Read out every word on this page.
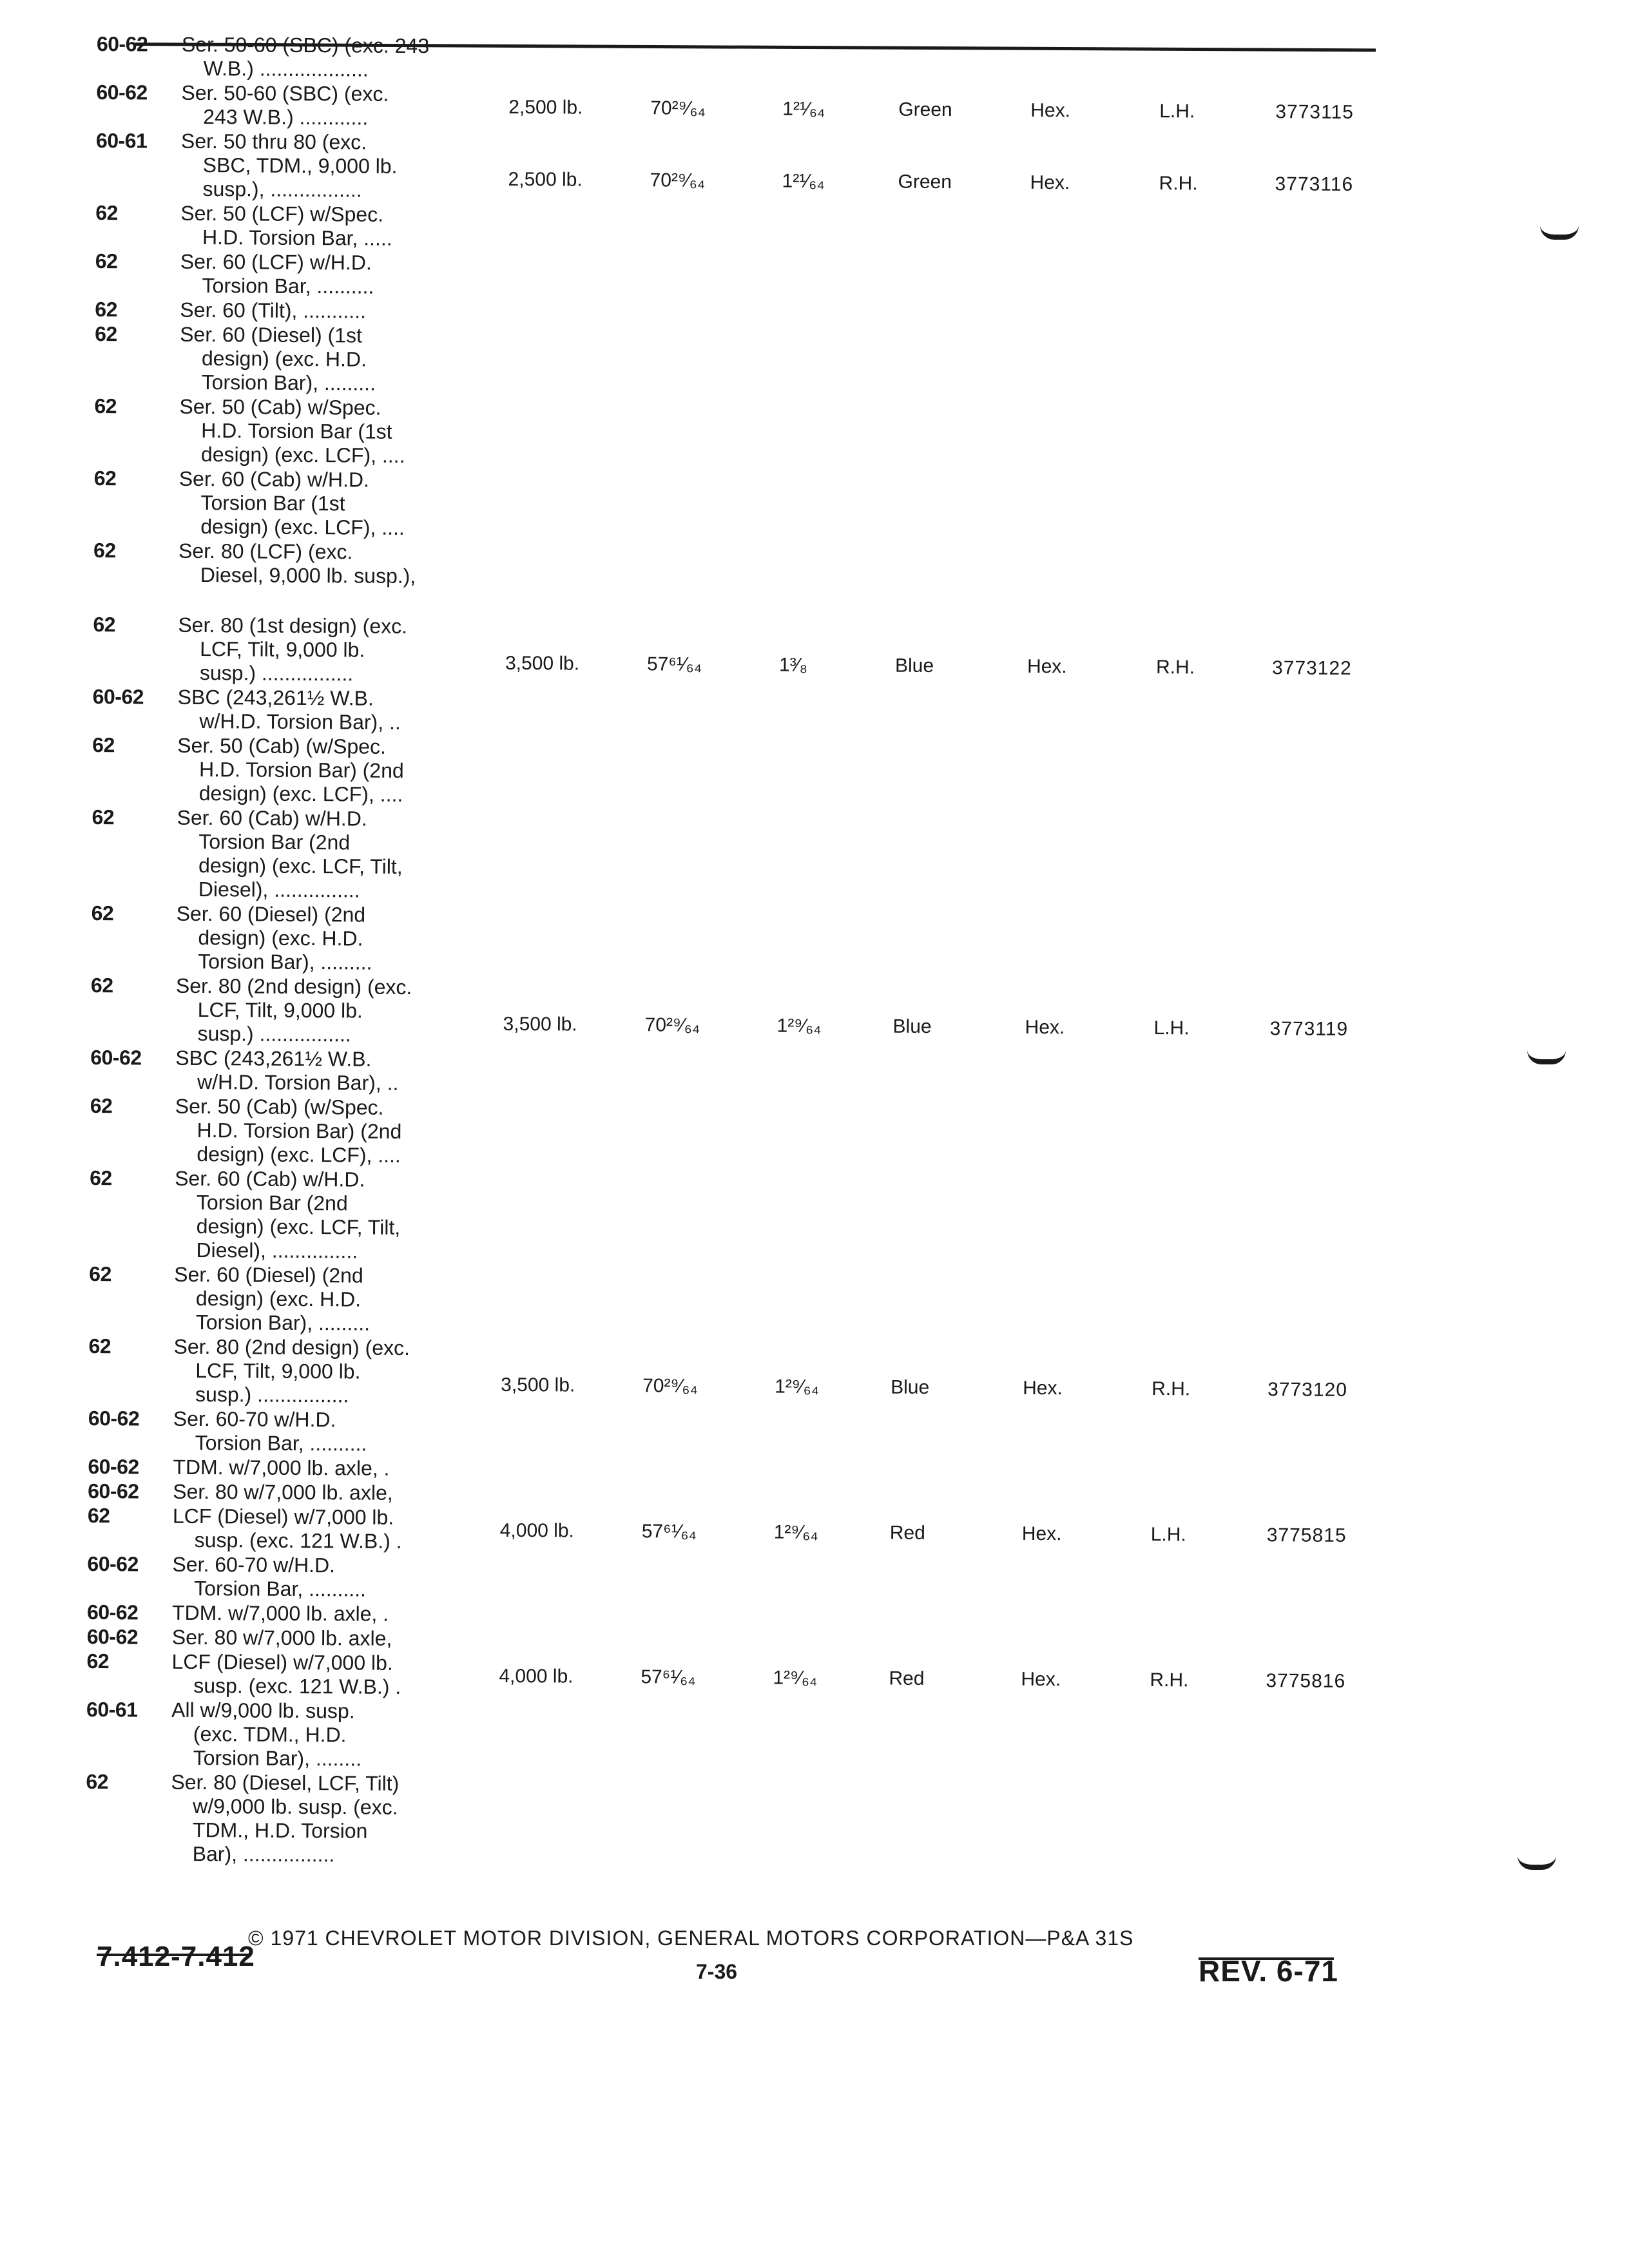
60-62	Ser. 50-60 (SBC) (exc. 243
W.B.) ...................
60-62	Ser. 50-60 (SBC) (exc.
243 W.B.) ............	2,500 lb.	70²⁹⁄₆₄	1²¹⁄₆₄	Green	Hex.	L.H.	3773115
60-61	Ser. 50 thru 80 (exc.
SBC, TDM., 9,000 lb.
susp.), ................	2,500 lb.	70²⁹⁄₆₄	1²¹⁄₆₄	Green	Hex.	R.H.	3773116
62	Ser. 50 (LCF) w/Spec.
H.D. Torsion Bar, .....
62	Ser. 60 (LCF) w/H.D.
Torsion Bar, ..........
62	Ser. 60 (Tilt), ...........
62	Ser. 60 (Diesel) (1st
design) (exc. H.D.
Torsion Bar), .........
62	Ser. 50 (Cab) w/Spec.
H.D. Torsion Bar (1st
design) (exc. LCF), ....
62	Ser. 60 (Cab) w/H.D.
Torsion Bar (1st
design) (exc. LCF), ....
62	Ser. 80 (LCF) (exc.
Diesel, 9,000 lb. susp.),
62	Ser. 80 (1st design) (exc.
LCF, Tilt, 9,000 lb.
susp.) ................	3,500 lb.	57⁶¹⁄₆₄	1³⁄₈	Blue	Hex.	R.H.	3773122
60-62	SBC (243,261½ W.B.
w/H.D. Torsion Bar), ..
62	Ser. 50 (Cab) (w/Spec.
H.D. Torsion Bar) (2nd
design) (exc. LCF), ....
62	Ser. 60 (Cab) w/H.D.
Torsion Bar (2nd
design) (exc. LCF, Tilt,
Diesel), ...............
62	Ser. 60 (Diesel) (2nd
design) (exc. H.D.
Torsion Bar), .........
62	Ser. 80 (2nd design) (exc.
LCF, Tilt, 9,000 lb.
susp.) ................	3,500 lb.	70²⁹⁄₆₄	1²⁹⁄₆₄	Blue	Hex.	L.H.	3773119
60-62	SBC (243,261½ W.B.
w/H.D. Torsion Bar), ..
62	Ser. 50 (Cab) (w/Spec.
H.D. Torsion Bar) (2nd
design) (exc. LCF), ....
62	Ser. 60 (Cab) w/H.D.
Torsion Bar (2nd
design) (exc. LCF, Tilt,
Diesel), ...............
62	Ser. 60 (Diesel) (2nd
design) (exc. H.D.
Torsion Bar), .........
62	Ser. 80 (2nd design) (exc.
LCF, Tilt, 9,000 lb.
susp.) ................	3,500 lb.	70²⁹⁄₆₄	1²⁹⁄₆₄	Blue	Hex.	R.H.	3773120
60-62	Ser. 60-70 w/H.D.
Torsion Bar, ..........
60-62	TDM. w/7,000 lb. axle, .
60-62	Ser. 80 w/7,000 lb. axle,
62	LCF (Diesel) w/7,000 lb.
susp. (exc. 121 W.B.) .	4,000 lb.	57⁶¹⁄₆₄	1²⁹⁄₆₄	Red	Hex.	L.H.	3775815
60-62	Ser. 60-70 w/H.D.
Torsion Bar, ..........
60-62	TDM. w/7,000 lb. axle, .
60-62	Ser. 80 w/7,000 lb. axle,
62	LCF (Diesel) w/7,000 lb.
susp. (exc. 121 W.B.) .	4,000 lb.	57⁶¹⁄₆₄	1²⁹⁄₆₄	Red	Hex.	R.H.	3775816
60-61	All w/9,000 lb. susp.
(exc. TDM., H.D.
Torsion Bar), ........
62	Ser. 80 (Diesel, LCF, Tilt)
w/9,000 lb. susp. (exc.
TDM., H.D. Torsion
Bar), ................
© 1971 CHEVROLET MOTOR DIVISION, GENERAL MOTORS CORPORATION—P&A 31S
7.412-7.412	7-36	REV. 6-71
